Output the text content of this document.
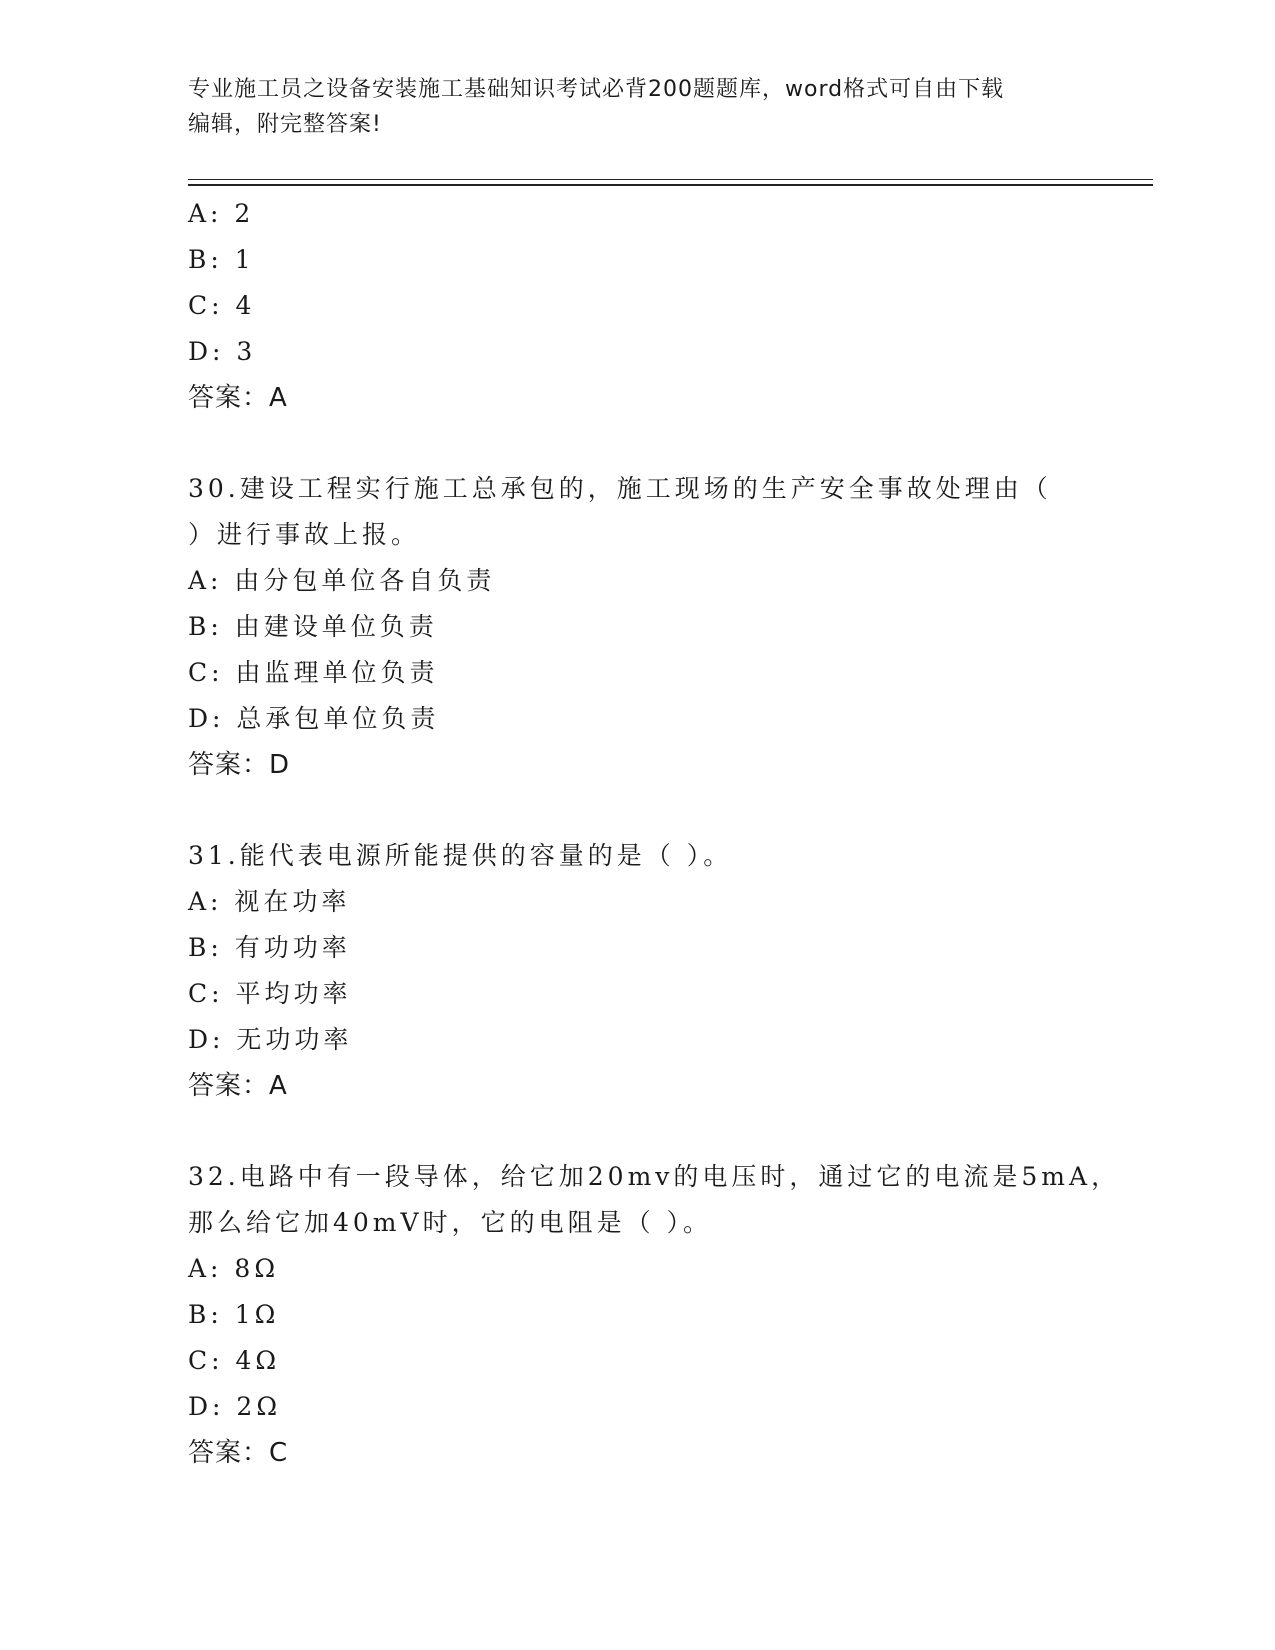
专业施工员之设备安装施工基础知识考试必背200题题库，word格式可自由下载
编辑，附完整答案!
A: 2
B: 1
C: 4
D: 3
答案：A
30.建设工程实行施工总承包的，施工现场的生产安全事故处理由（
）进行事故上报。
A: 由分包单位各自负责
B: 由建设单位负责
C: 由监理单位负责
D: 总承包单位负责
答案：D
31.能代表电源所能提供的容量的是（ ）。
A: 视在功率
B: 有功功率
C: 平均功率
D: 无功功率
答案：A
32.电路中有一段导体，给它加20mv的电压时，通过它的电流是5mA，
那么给它加40mV时，它的电阻是（ ）。
A: 8Ω
B: 1Ω
C: 4Ω
D: 2Ω
答案：C
